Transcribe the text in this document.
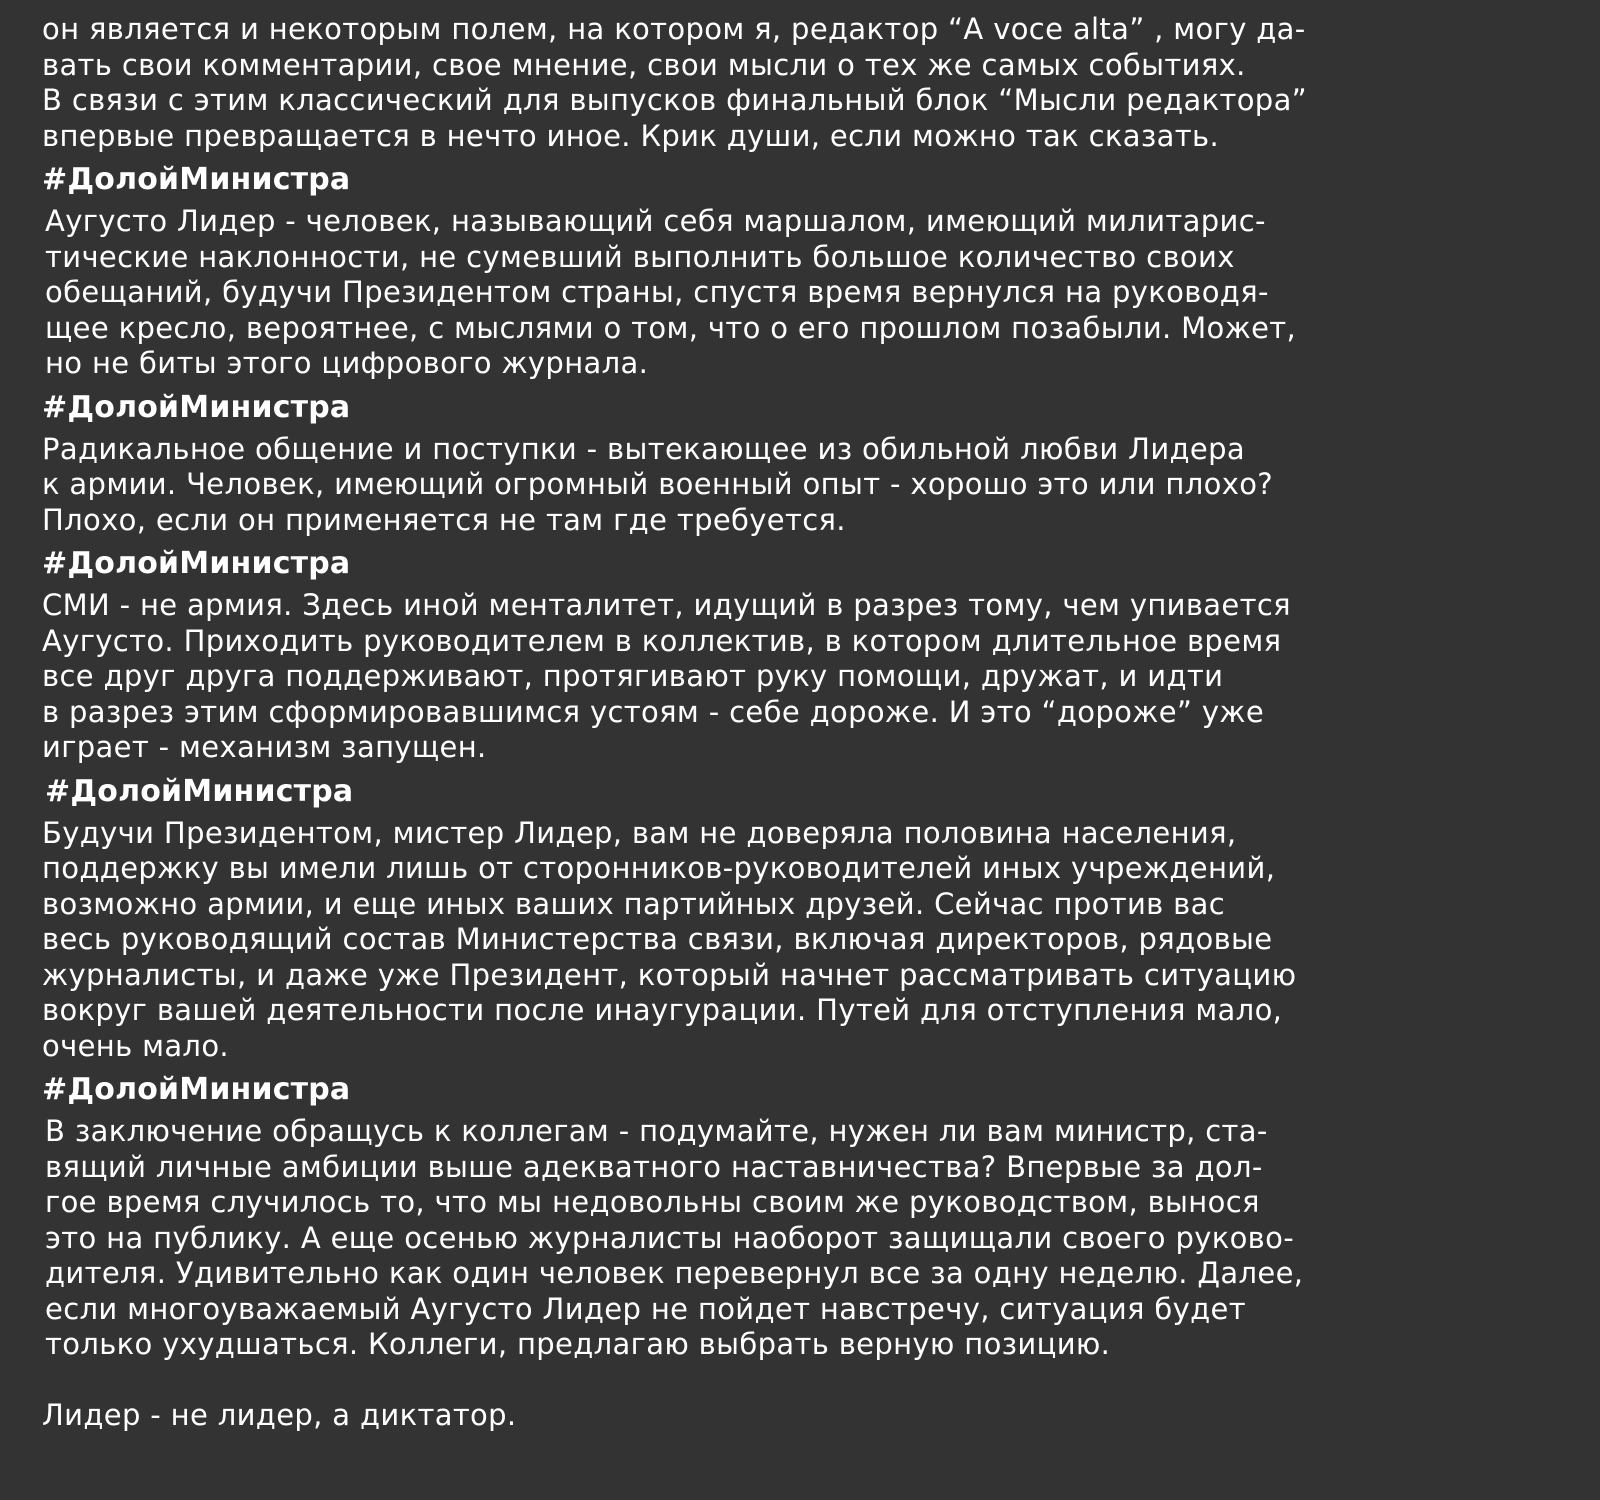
он является и некоторым полем, на котором я, редактор “A voce alta” , могу да-
вать свои комментарии, свое мнение, свои мысли о тех же самых событиях.
В связи с этим классический для выпусков финальный блок “Мысли редактора”
впервые превращается в нечто иное. Крик души, если можно так сказать.
#ДолойМинистра
Аугусто Лидер - человек, называющий себя маршалом, имеющий милитарис-
тические наклонности, не сумевший выполнить большое количество своих
обещаний, будучи Президентом страны, спустя время вернулся на руководя-
щее кресло, вероятнее, с мыслями о том, что о его прошлом позабыли. Может,
но не биты этого цифрового журнала.
#ДолойМинистра
Радикальное общение и поступки - вытекающее из обильной любви Лидера
к армии. Человек, имеющий огромный военный опыт - хорошо это или плохо?
Плохо, если он применяется не там где требуется.
#ДолойМинистра
СМИ - не армия. Здесь иной менталитет, идущий в разрез тому, чем упивается
Аугусто. Приходить руководителем в коллектив, в котором длительное время
все друг друга поддерживают, протягивают руку помощи, дружат, и идти
в разрез этим сформировавшимся устоям - себе дороже. И это “дороже” уже
играет - механизм запущен.
#ДолойМинистра
Будучи Президентом, мистер Лидер, вам не доверяла половина населения,
поддержку вы имели лишь от сторонников-руководителей иных учреждений,
возможно армии, и еще иных ваших партийных друзей. Сейчас против вас
весь руководящий состав Министерства связи, включая директоров, рядовые
журналисты, и даже уже Президент, который начнет рассматривать ситуацию
вокруг вашей деятельности после инаугурации. Путей для отступления мало,
очень мало.
#ДолойМинистра
В заключение обращусь к коллегам - подумайте, нужен ли вам министр, ста-
вящий личные амбиции выше адекватного наставничества? Впервые за дол-
гое время случилось то, что мы недовольны своим же руководством, вынося
это на публику. А еще осенью журналисты наоборот защищали своего руково-
дителя. Удивительно как один человек перевернул все за одну неделю. Далее,
если многоуважаемый Аугусто Лидер не пойдет навстречу, ситуация будет
только ухудшаться. Коллеги, предлагаю выбрать верную позицию.
Лидер - не лидер, а диктатор.
